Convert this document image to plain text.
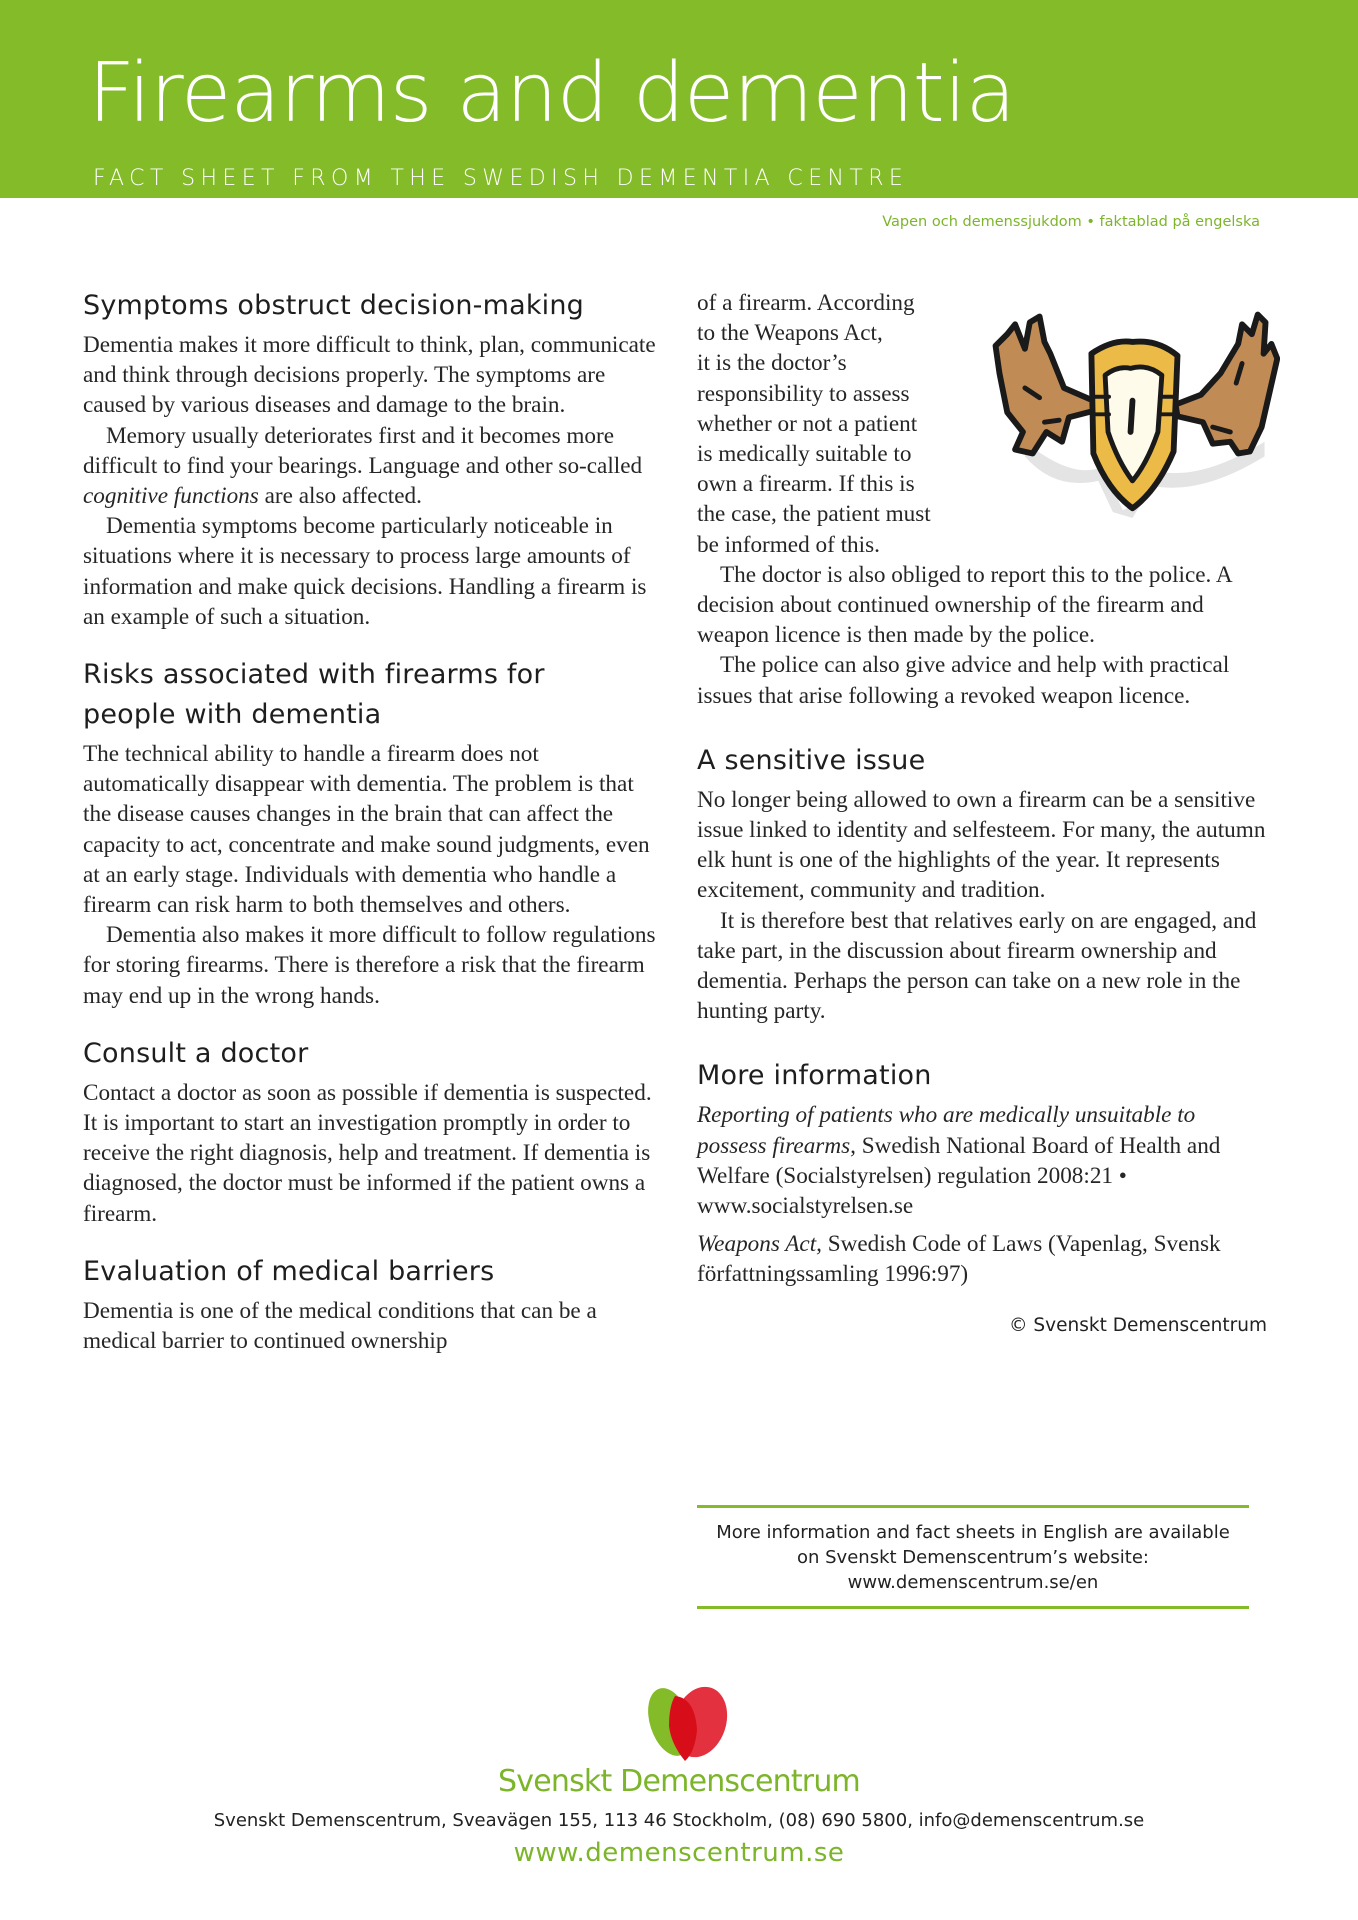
Firearms and dementia
FACT SHEET FROM THE SWEDISH DEMENTIA CENTRE
Vapen och demenssjukdom • faktablad på engelska
Symptoms obstruct decision-making

Dementia makes it more difficult to think, plan, communicate and think through decisions properly. The symptoms are caused by various diseases and damage to the brain.

Memory usually deteriorates first and it becomes more difficult to find your bearings. Language and other so-called cognitive functions are also affected.

Dementia symptoms become particularly noticeable in situations where it is necessary to process large amounts of information and make quick decisions. Handling a firearm is an example of such a situation.

Risks associated with firearms for people with dementia

The technical ability to handle a firearm does not automatically disappear with dementia. The problem is that the disease causes changes in the brain that can affect the capacity to act, concentrate and make sound judgments, even at an early stage. Individuals with dementia who handle a firearm can risk harm to both themselves and others.

Dementia also makes it more difficult to follow regulations for storing firearms. There is therefore a risk that the firearm may end up in the wrong hands.

Consult a doctor

Contact a doctor as soon as possible if dementia is suspected. It is important to start an investigation promptly in order to receive the right diagnosis, help and treatment. If dementia is diagnosed, the doctor must be informed if the patient owns a firearm.

Evaluation of medical barriers

Dementia is one of the medical conditions that can be a medical barrier to continued ownership

of a firearm. According
to the Weapons Act,
it is the doctor’s
responsibility to assess
whether or not a patient
is medically suitable to
own a firearm. If this is
the case, the patient must
be informed of this.

The doctor is also obliged to report this to the police. A decision about continued ownership of the firearm and weapon licence is then made by the police.

The police can also give advice and help with practical issues that arise following a revoked weapon licence.

A sensitive issue

No longer being allowed to own a firearm can be a sensitive issue linked to identity and selfesteem. For many, the autumn elk hunt is one of the highlights of the year. It represents excitement, community and tradition.

It is therefore best that relatives early on are engaged, and take part, in the discussion about firearm ownership and dementia. Perhaps the person can take on a new role in the hunting party.

More information

Reporting of patients who are medically unsuitable to possess firearms, Swedish National Board of Health and Welfare (Socialstyrelsen) regulation 2008:21 • www.socialstyrelsen.se

Weapons Act, Swedish Code of Laws (Vapenlag, Svensk författningssamling 1996:97)

© Svenskt Demenscentrum
More information and fact sheets in English are available
on Svenskt Demenscentrum’s website:
www.demenscentrum.se/en
Svenskt Demenscentrum
Svenskt Demenscentrum, Sveavägen 155, 113 46 Stockholm, (08) 690 5800, info@demenscentrum.se
www.demenscentrum.se
